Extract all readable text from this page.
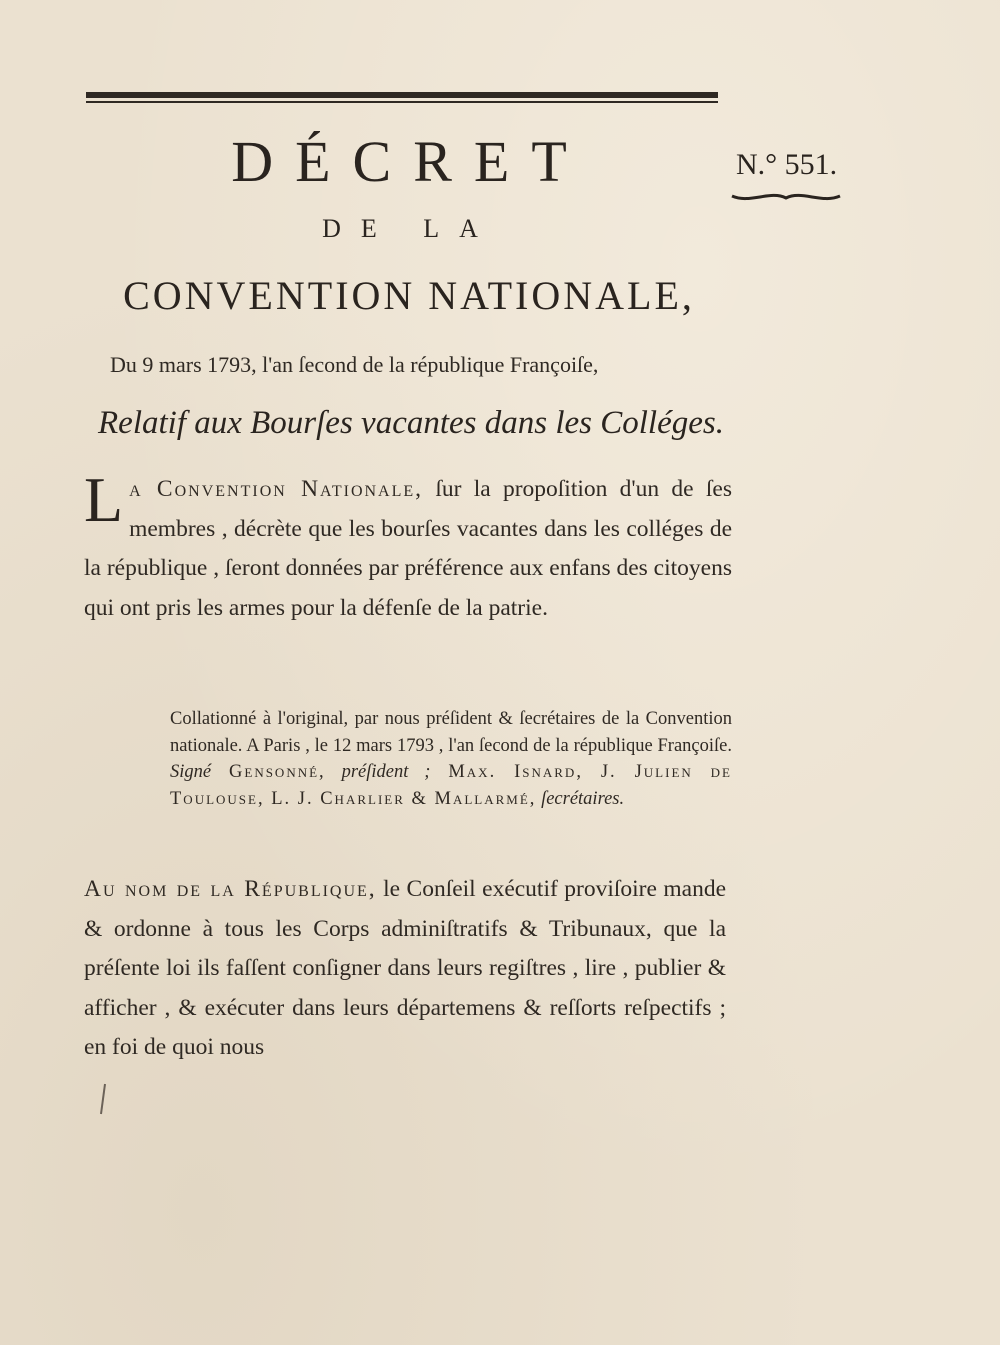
DÉCRET	N.° 551.
DE LA
CONVENTION NATIONALE,
Du 9 mars 1793, l'an ſecond de la république Françoiſe,
Relatif aux Bourſes vacantes dans les Colléges.
La Convention Nationale, ſur la propoſition d'un de ſes membres , décrète que les bourſes vacantes dans les colléges de la république , ſeront données par préférence aux enfans des citoyens qui ont pris les armes pour la défenſe de la patrie.
Collationné à l'original, par nous préſident & ſecrétaires de la Convention nationale. A Paris , le 12 mars 1793 , l'an ſecond de la république Françoiſe. Signé Gensonné, préſident ; Max. Isnard, J. Julien de Toulouſe, L. J. Charlier & Mallarmé, ſecrétaires.
Au nom de la République, le Conſeil exécutif proviſoire mande & ordonne à tous les Corps adminiſtratifs & Tribunaux, que la préſente loi ils faſſent conſigner dans leurs regiſtres , lire , publier & afficher , & exécuter dans leurs départemens & reſſorts reſpectifs ; en foi de quoi nous
